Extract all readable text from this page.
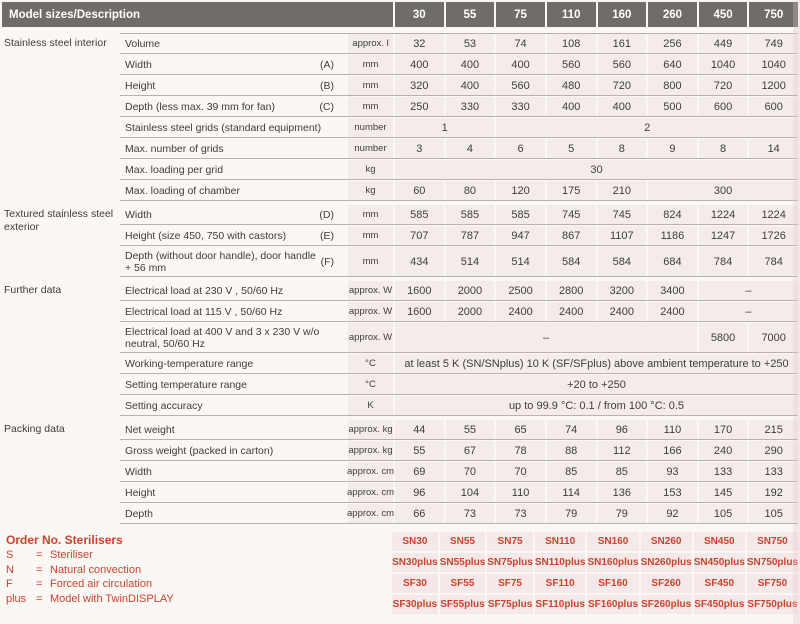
Model sizes/Description	30	55	75	110	160	260	450	750
Stainless steel interior	Volume	approx. l	32	53	74	108	161	256	449	749
Width	(A)	mm	400	400	400	560	560	640	1040	1040
Height	(B)	mm	320	400	560	480	720	800	720	1200
Depth (less max. 39 mm for fan)	(C)	mm	250	330	330	400	400	500	600	600
Stainless steel grids (standard equipment)	number	1	2
Max. number of grids	number	3	4	6	5	8	9	8	14
Max. loading per grid	kg	30
Max. loading of chamber	kg	60	80	120	175	210	300
Textured stainless steel exterior
Width	(D)	mm	585	585	585	745	745	824	1224	1224
Height (size 450, 750 with castors)	(E)	mm	707	787	947	867	1107	1186	1247	1726
Depth (without door handle), door handle + 56 mm	(F)	mm	434	514	514	584	584	684	784	784
Further data	Electrical load at 230 V , 50/60 Hz	approx. W	1600	2000	2500	2800	3200	3400	–
Electrical load at 115 V , 50/60 Hz	approx. W	1600	2000	2400	2400	2400	2400	–
Electrical load at 400 V and 3 x 230 V w/o neutral, 50/60 Hz	approx. W	–	5800	7000
Working-temperature range	°C	at least 5 K (SN/SNplus) 10 K (SF/SFplus) above ambient temperature to +250
Setting temperature range	°C	+20 to +250
Setting accuracy	K	up to 99.9 °C: 0.1 / from 100 °C: 0.5
Packing data	Net weight	approx. kg	44	55	65	74	96	110	170	215
Gross weight (packed in carton)	approx. kg	55	67	78	88	112	166	240	290
Width	approx. cm	69	70	70	85	85	93	133	133
Height	approx. cm	96	104	110	114	136	153	145	192
Depth	approx. cm	66	73	73	79	79	92	105	105
Order No. Sterilisers
S	= Steriliser
N	= Natural convection
F	= Forced air circulation
plus = Model with TwinDISPLAY
SN30	SN55	SN75	SN110	SN160	SN260	SN450	SN750
SN30plus SN55plus SN75plus SN110plus SN160plus SN260plus SN450plus SN750plus
SF30	SF55	SF75	SF110	SF160	SF260	SF450	SF750
SF30plus SF55plus SF75plus SF110plus SF160plus SF260plus SF450plus SF750plus
